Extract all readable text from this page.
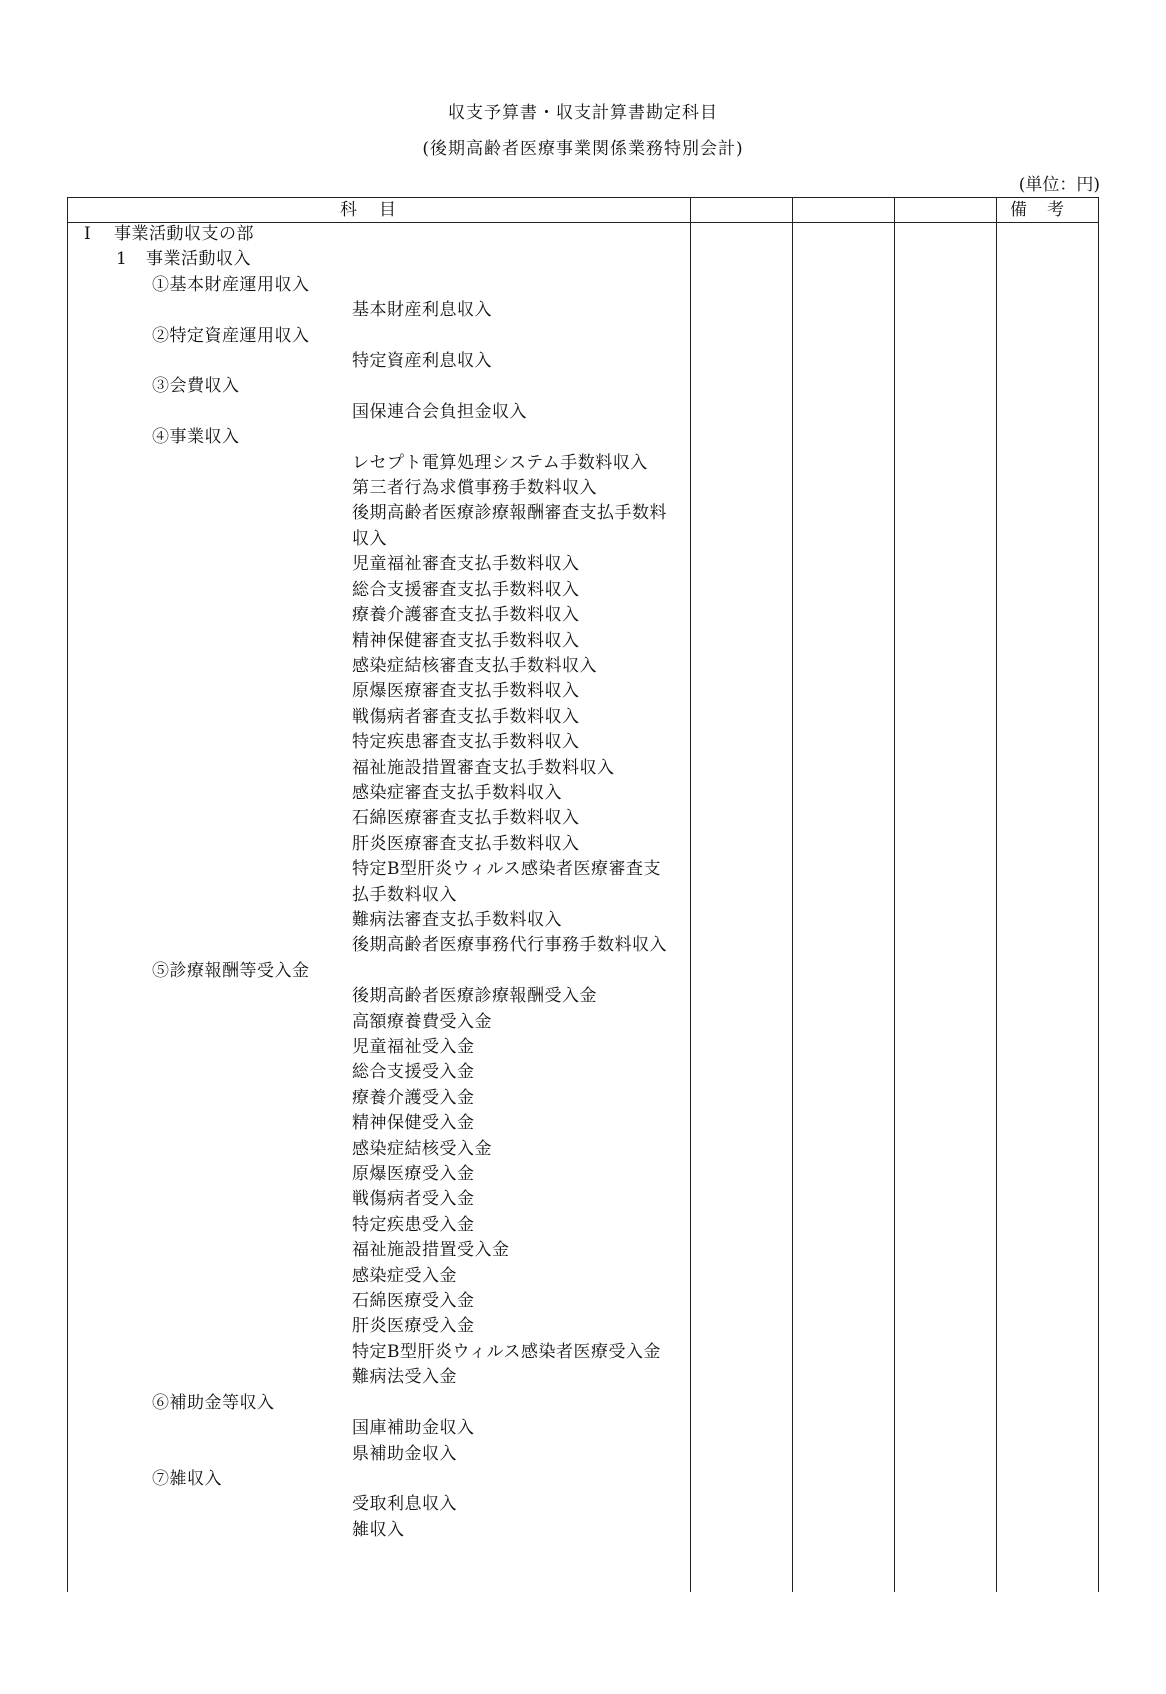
収支予算書・収支計算書勘定科目
(後期高齢者医療事業関係業務特別会計)
(単位：円)
科目	備考
Ⅰ 事業活動収支の部
1 事業活動収入
①基本財産運用収入
基本財産利息収入
②特定資産運用収入
特定資産利息収入
③会費収入
国保連合会負担金収入
④事業収入
レセプト電算処理システム手数料収入
第三者行為求償事務手数料収入
後期高齢者医療診療報酬審査支払手数料収入
児童福祉審査支払手数料収入
総合支援審査支払手数料収入
療養介護審査支払手数料収入
精神保健審査支払手数料収入
感染症結核審査支払手数料収入
原爆医療審査支払手数料収入
戦傷病者審査支払手数料収入
特定疾患審査支払手数料収入
福祉施設措置審査支払手数料収入
感染症審査支払手数料収入
石綿医療審査支払手数料収入
肝炎医療審査支払手数料収入
特定B型肝炎ウィルス感染者医療審査支払手数料収入
難病法審査支払手数料収入
後期高齢者医療事務代行事務手数料収入
⑤診療報酬等受入金
後期高齢者医療診療報酬受入金
高額療養費受入金
児童福祉受入金
総合支援受入金
療養介護受入金
精神保健受入金
感染症結核受入金
原爆医療受入金
戦傷病者受入金
特定疾患受入金
福祉施設措置受入金
感染症受入金
石綿医療受入金
肝炎医療受入金
特定B型肝炎ウィルス感染者医療受入金
難病法受入金
⑥補助金等収入
国庫補助金収入
県補助金収入
⑦雑収入
受取利息収入
雑収入
